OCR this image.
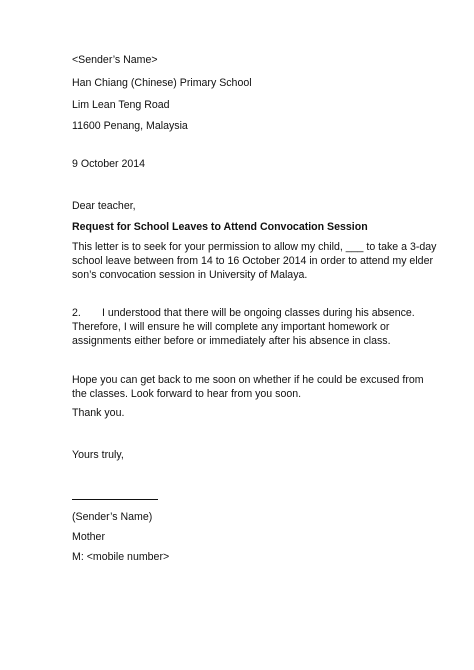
<Sender’s Name>
Han Chiang (Chinese) Primary School
Lim Lean Teng Road
11600 Penang, Malaysia
9 October 2014
Dear teacher,
Request for School Leaves to Attend Convocation Session

This letter is to seek for your permission to allow my child, ___ to take a 3-day

school leave between from 14 to 16 October 2014 in order to attend my elder

son’s convocation session in University of Malaya.

2. I understood that there will be ongoing classes during his absence.

Therefore, I will ensure he will complete any important homework or

assignments either before or immediately after his absence in class.

Hope you can get back to me soon on whether if he could be excused from

the classes. Look forward to hear from you soon.

Thank you.
Yours truly,
(Sender’s Name)
Mother
M: <mobile number>
